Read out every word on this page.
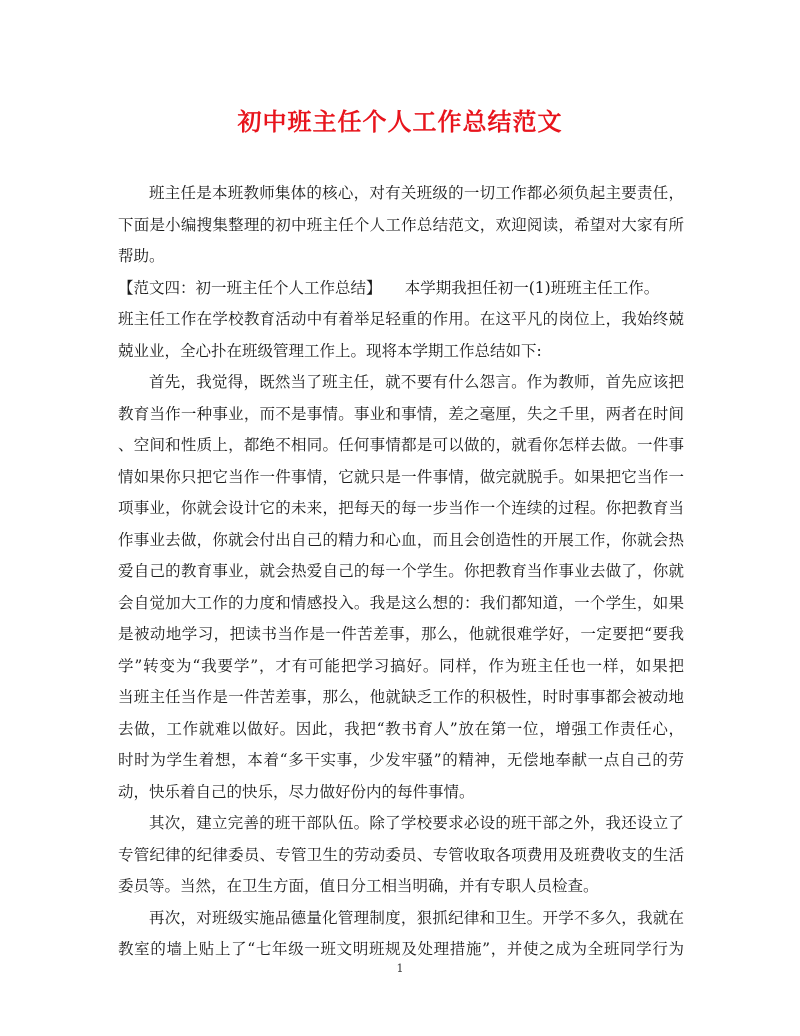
初中班主任个人工作总结范文
班主任是本班教师集体的核心，对有关班级的一切工作都必须负起主要责任，
下面是小编搜集整理的初中班主任个人工作总结范文，欢迎阅读，希望对大家有所
帮助。
【范文四：初一班主任个人工作总结】　　本学期我担任初一(1)班班主任工作。
班主任工作在学校教育活动中有着举足轻重的作用。在这平凡的岗位上，我始终兢
兢业业，全心扑在班级管理工作上。现将本学期工作总结如下:
首先，我觉得，既然当了班主任，就不要有什么怨言。作为教师，首先应该把
教育当作一种事业，而不是事情。事业和事情，差之毫厘，失之千里，两者在时间
、空间和性质上，都绝不相同。任何事情都是可以做的，就看你怎样去做。一件事
情如果你只把它当作一件事情，它就只是一件事情，做完就脱手。如果把它当作一
项事业，你就会设计它的未来，把每天的每一步当作一个连续的过程。你把教育当
作事业去做，你就会付出自己的精力和心血，而且会创造性的开展工作，你就会热
爱自己的教育事业，就会热爱自己的每一个学生。你把教育当作事业去做了，你就
会自觉加大工作的力度和情感投入。我是这么想的：我们都知道，一个学生，如果
是被动地学习，把读书当作是一件苦差事，那么，他就很难学好，一定要把“要我
学”转变为“我要学”，才有可能把学习搞好。同样，作为班主任也一样，如果把
当班主任当作是一件苦差事，那么，他就缺乏工作的积极性，时时事事都会被动地
去做，工作就难以做好。因此，我把“教书育人”放在第一位，增强工作责任心，
时时为学生着想，本着“多干实事，少发牢骚”的精神，无偿地奉献一点自己的劳
动，快乐着自己的快乐，尽力做好份内的每件事情。
其次，建立完善的班干部队伍。除了学校要求必设的班干部之外，我还设立了
专管纪律的纪律委员、专管卫生的劳动委员、专管收取各项费用及班费收支的生活
委员等。当然，在卫生方面，值日分工相当明确，并有专职人员检查。
再次，对班级实施品德量化管理制度，狠抓纪律和卫生。开学不多久，我就在
教室的墙上贴上了“七年级一班文明班规及处理措施”，并使之成为全班同学行为
1
